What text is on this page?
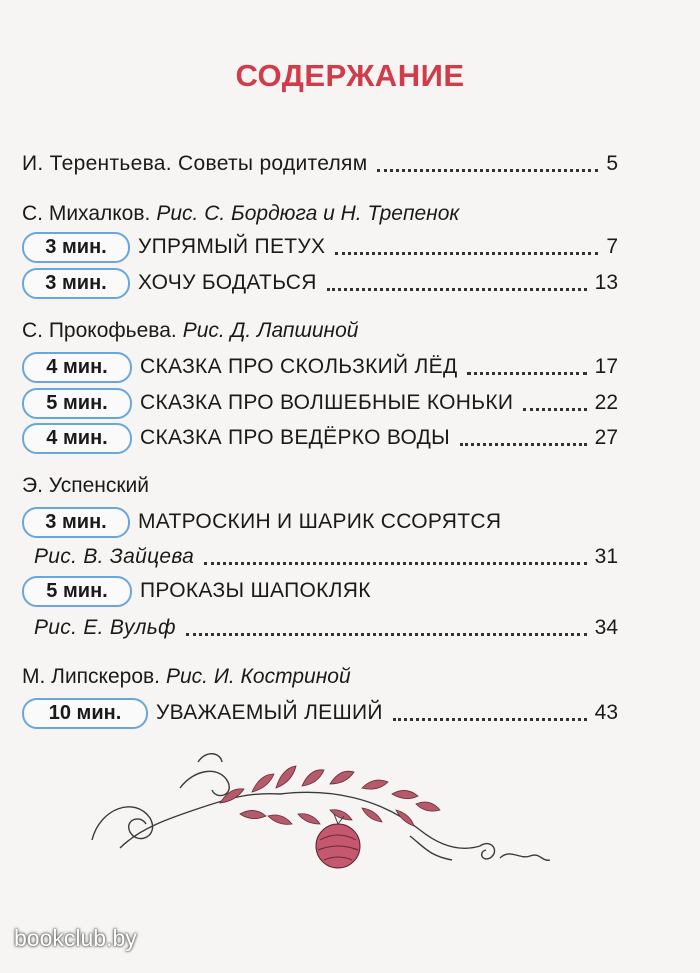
СОДЕРЖАНИЕ
И. Терентьева. Советы родителям	5
С. Михалков. Рис. С. Бордюга и Н. Трепенок
3 мин.	УПРЯМЫЙ ПЕТУХ	7
3 мин.	ХОЧУ БОДАТЬСЯ	13
С. Прокофьева. Рис. Д. Лапшиной
4 мин.	СКАЗКА ПРО СКОЛЬЗКИЙ ЛЁД	17
5 мин.	СКАЗКА ПРО ВОЛШЕБНЫЕ КОНЬКИ	22
4 мин.	СКАЗКА ПРО ВЕДЁРКО ВОДЫ	27
Э. Успенский
3 мин.	МАТРОСКИН И ШАРИК ССОРЯТСЯ
Рис. В. Зайцева	31
5 мин.	ПРОКАЗЫ ШАПОКЛЯК
Рис. Е. Вульф	34
М. Липскеров. Рис. И. Костриной
10 мин.	УВАЖАЕМЫЙ ЛЕШИЙ	43
bookclub.by
